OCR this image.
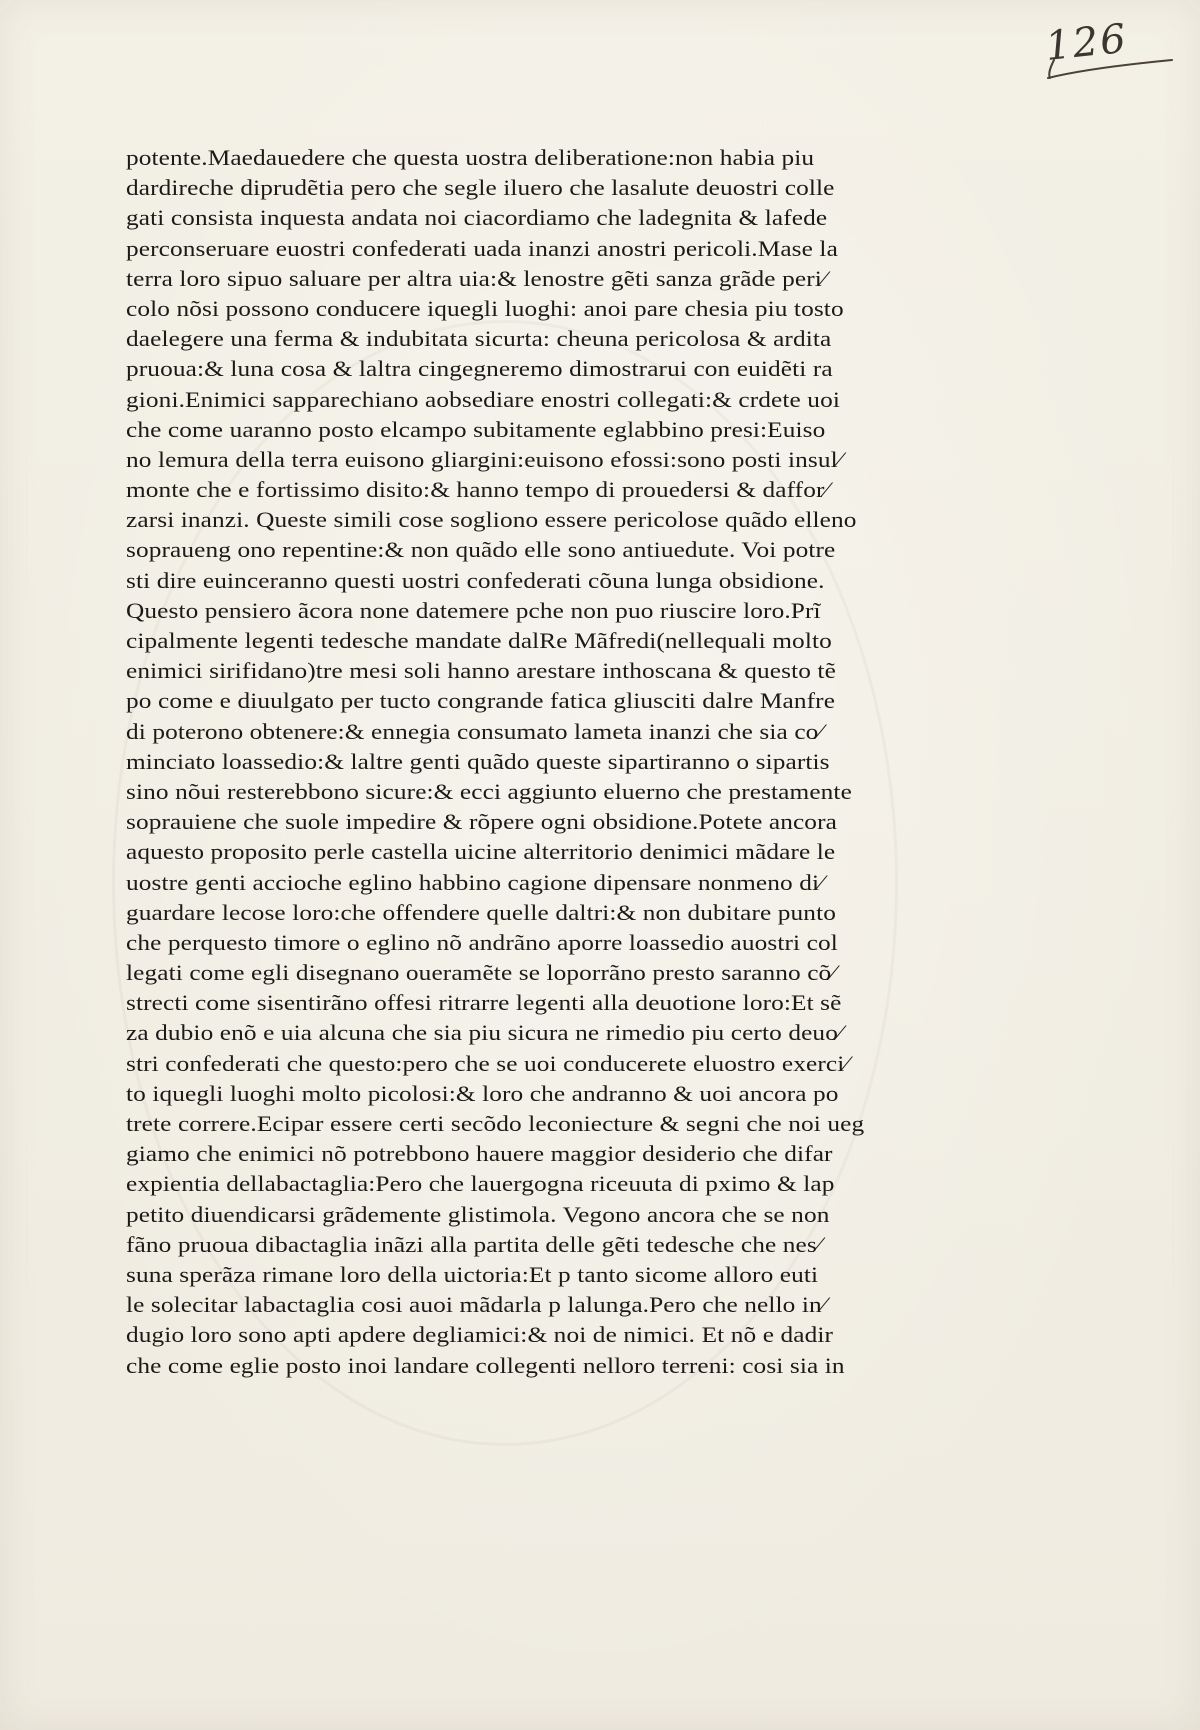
126
potente.Maedauedere che questa uostra deliberatione:non habia piu
dardireche diprudẽtia pero che segle iluero che lasalute deuostri colle
gati consista inquesta andata noi ciacordiamo che ladegnita & lafede
perconseruare euostri confederati uada inanzi anostri pericoli.Mase la
terra loro sipuo saluare per altra uia:& lenostre gẽti sanza grãde peri⁄
colo nõsi possono conducere iquegli luoghi: anoi pare chesia piu tosto
daelegere una ferma & indubitata sicurta: cheuna pericolosa & ardita
pruoua:& luna cosa & laltra cingegneremo dimostrarui con euidẽti ra
gioni.Enimici sapparechiano aobsediare enostri collegati:& crdete uoi
che come uaranno posto elcampo subitamente eglabbino presi:Euiso
no lemura della terra euisono gliargini:euisono efossi:sono posti insul⁄
monte che e fortissimo disito:& hanno tempo di prouedersi & daffor⁄
zarsi inanzi. Queste simili cose sogliono essere pericolose quãdo elleno
sopraueng ono repentine:& non quãdo elle sono antiuedute. Voi potre
sti dire euinceranno questi uostri confederati cõuna lunga obsidione.
Questo pensiero ãcora none datemere pche non puo riuscire loro.Prĩ
cipalmente legenti tedesche mandate dalRe Mãfredi(nellequali molto
enimici sirifidano)tre mesi soli hanno arestare inthoscana & questo tẽ
po come e diuulgato per tucto congrande fatica gliusciti dalre Manfre
di poterono obtenere:& ennegia consumato lameta inanzi che sia co⁄
minciato loassedio:& laltre genti quãdo queste sipartiranno o sipartis
sino nõui resterebbono sicure:& ecci aggiunto eluerno che prestamente
soprauiene che suole impedire & rõpere ogni obsidione.Potete ancora
aquesto proposito perle castella uicine alterritorio denimici mãdare le
uostre genti accioche eglino habbino cagione dipensare nonmeno di⁄
guardare lecose loro:che offendere quelle daltri:& non dubitare punto
che perquesto timore o eglino nõ andrãno aporre loassedio auostri col
legati come egli disegnano oueramẽte se loporrãno presto saranno cõ⁄
strecti come sisentirãno offesi ritrarre legenti alla deuotione loro:Et sẽ
za dubio enõ e uia alcuna che sia piu sicura ne rimedio piu certo deuo⁄
stri confederati che questo:pero che se uoi conducerete eluostro exerci⁄
to iquegli luoghi molto picolosi:& loro che andranno & uoi ancora po
trete correre.Ecipar essere certi secõdo leconiecture & segni che noi ueg
giamo che enimici nõ potrebbono hauere maggior desiderio che difar
expientia dellabactaglia:Pero che lauergogna riceuuta di pximo & lap
petito diuendicarsi grãdemente glistimola. Vegono ancora che se non
fãno pruoua dibactaglia inãzi alla partita delle gẽti tedesche che nes⁄
suna sperãza rimane loro della uictoria:Et p tanto sicome alloro euti
le solecitar labactaglia cosi auoi mãdarla p lalunga.Pero che nello in⁄
dugio loro sono apti apdere degliamici:& noi de nimici. Et nõ e dadir
che come eglie posto inoi landare collegenti nelloro terreni: cosi sia in
